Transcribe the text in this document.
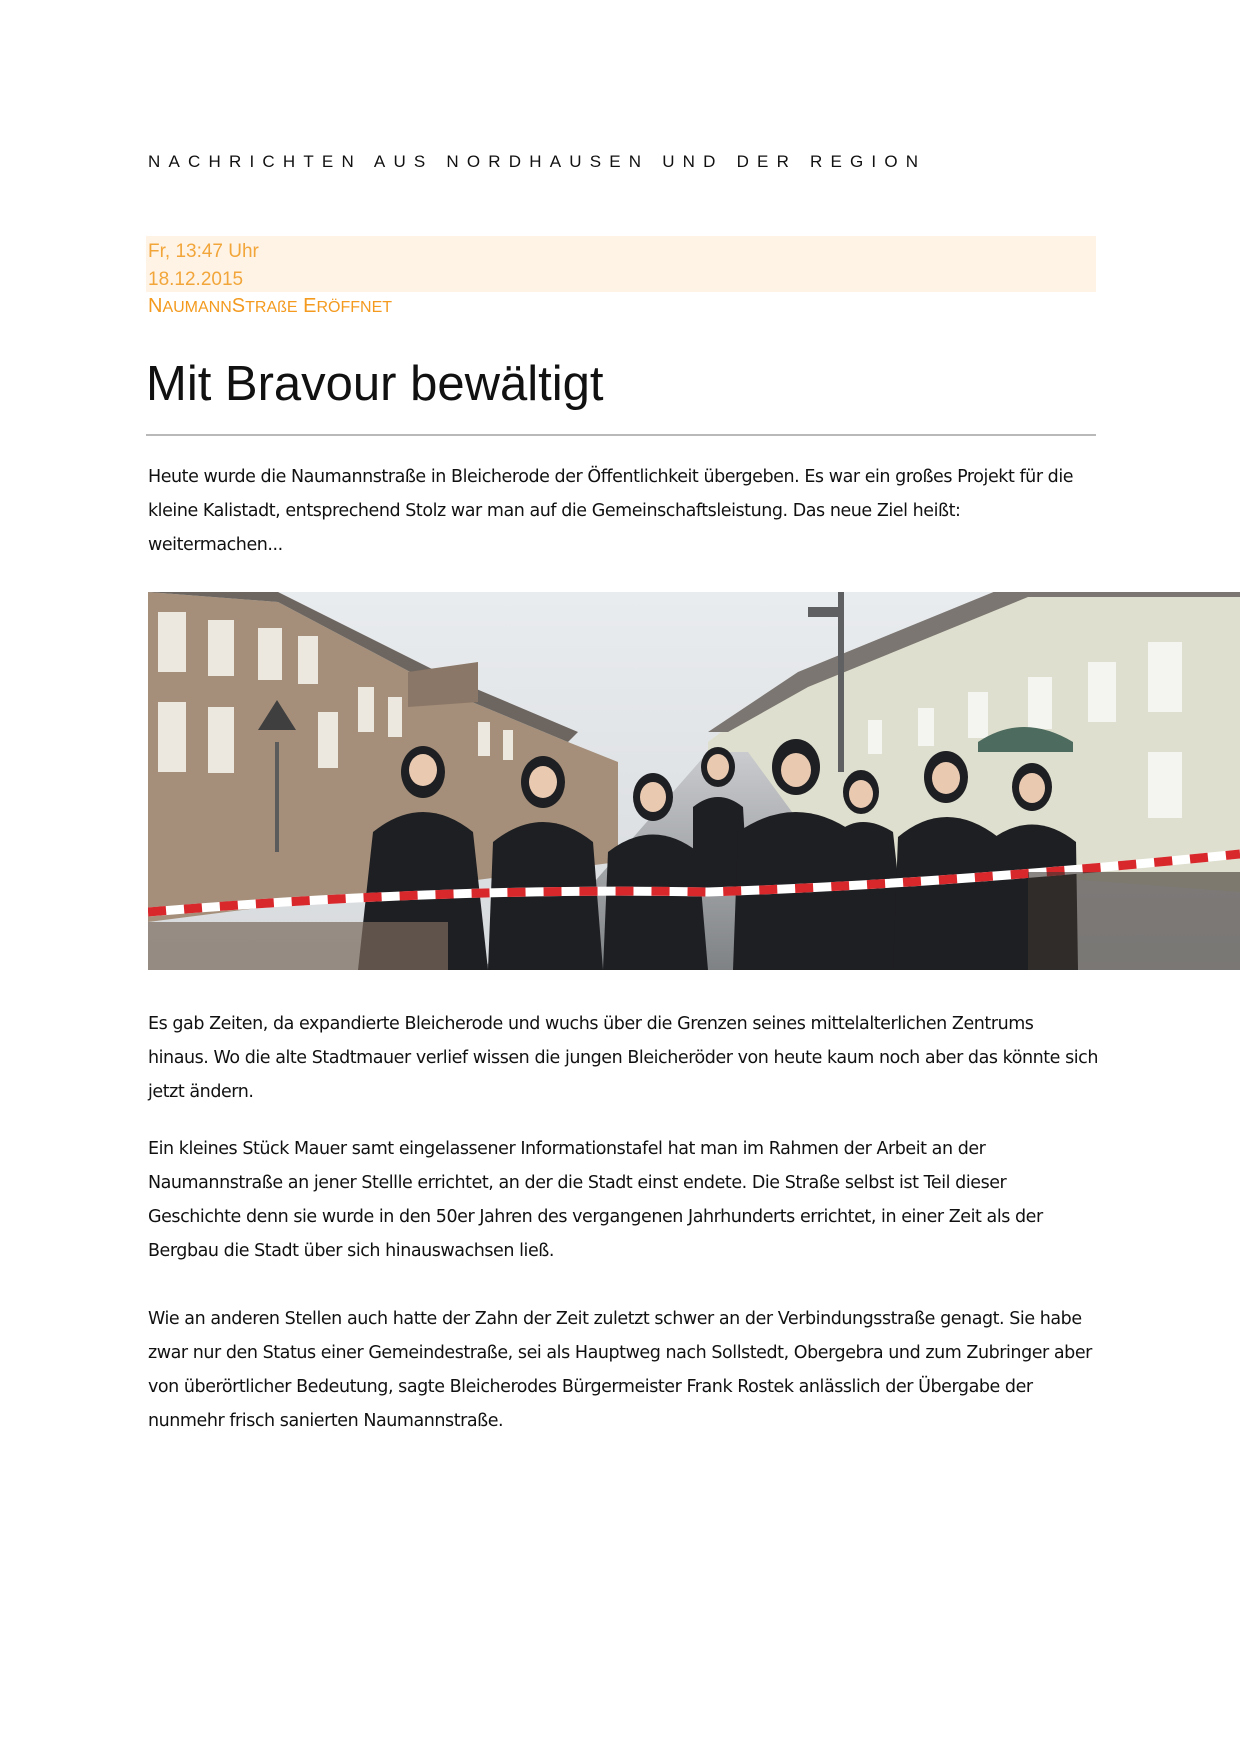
NACHRICHTEN AUS NORDHAUSEN UND DER REGION
Fr, 13:47 Uhr
18.12.2015
NAUMANNSTRAßE ERÖFFNET
Mit Bravour bewältigt

Heute wurde die Naumannstraße in Bleicherode der Öffentlichkeit übergeben. Es war ein großes Projekt für die kleine Kalistadt, entsprechend Stolz war man auf die Gemeinschaftsleistung. Das neue Ziel heißt: weitermachen...

Es gab Zeiten, da expandierte Bleicherode und wuchs über die Grenzen seines mittelalterlichen Zentrums hinaus. Wo die alte Stadtmauer verlief wissen die jungen Bleicheröder von heute kaum noch aber das könnte sich jetzt ändern.

Ein kleines Stück Mauer samt eingelassener Informationstafel hat man im Rahmen der Arbeit an der Naumannstraße an jener Stellle errichtet, an der die Stadt einst endete. Die Straße selbst ist Teil dieser Geschichte denn sie wurde in den 50er Jahren des vergangenen Jahrhunderts errichtet, in einer Zeit als der Bergbau die Stadt über sich hinauswachsen ließ.

Wie an anderen Stellen auch hatte der Zahn der Zeit zuletzt schwer an der Verbindungsstraße genagt. Sie habe zwar nur den Status einer Gemeindestraße, sei als Hauptweg nach Sollstedt, Obergebra und zum Zubringer aber von überörtlicher Bedeutung, sagte Bleicherodes Bürgermeister Frank Rostek anlässlich der Übergabe der nunmehr frisch sanierten Naumannstraße.
